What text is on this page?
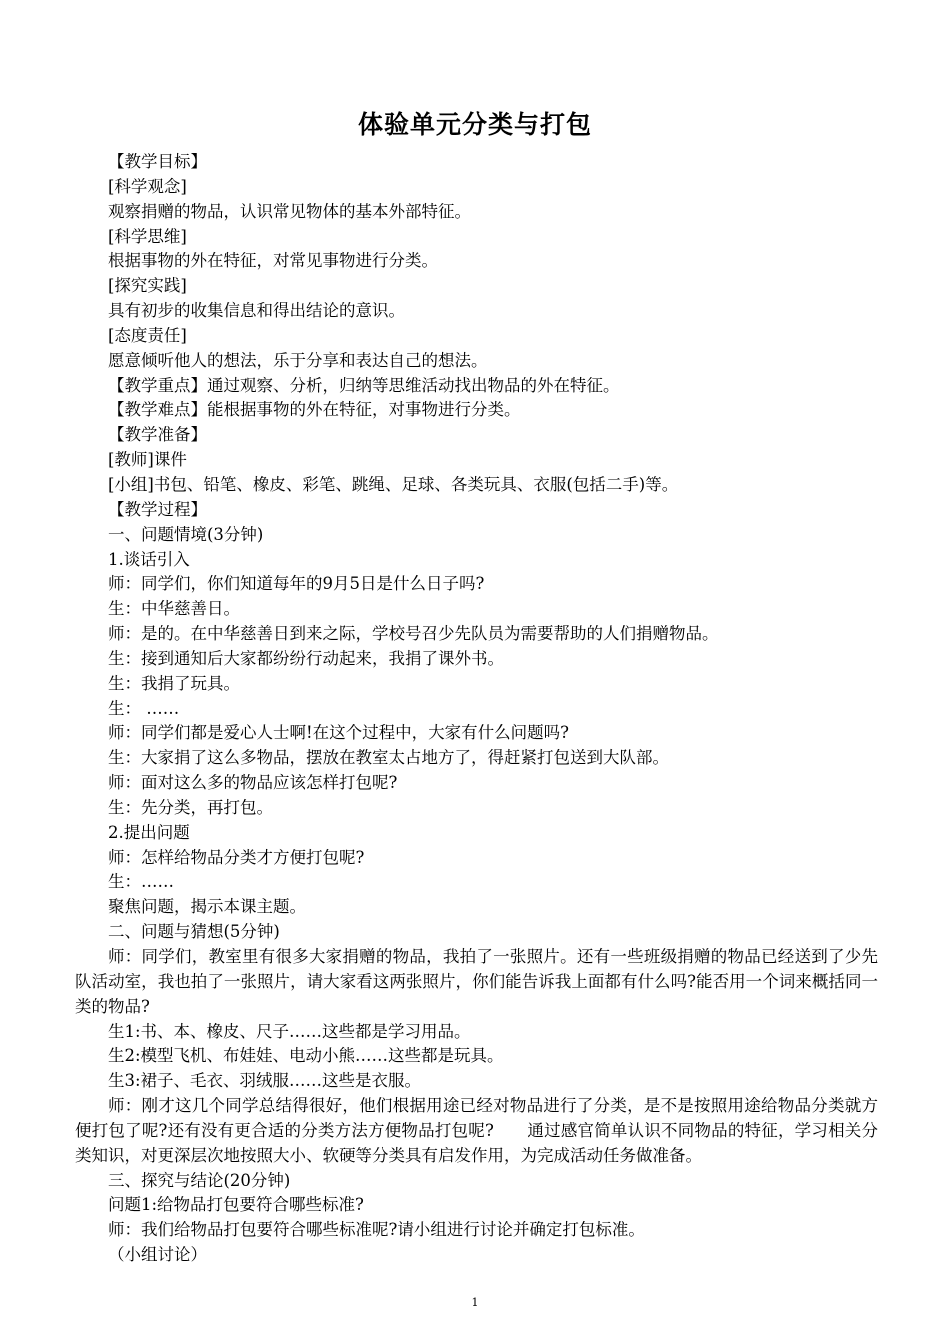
体验单元分类与打包
【教学目标】
[科学观念]
观察捐赠的物品，认识常见物体的基本外部特征。
[科学思维]
根据事物的外在特征，对常见事物进行分类。
[探究实践]
具有初步的收集信息和得出结论的意识。
[态度责任]
愿意倾听他人的想法，乐于分享和表达自己的想法。
【教学重点】通过观察、分析，归纳等思维活动找出物品的外在特征。
【教学难点】能根据事物的外在特征，对事物进行分类。
【教学准备】
[教师]课件
[小组]书包、铅笔、橡皮、彩笔、跳绳、足球、各类玩具、衣服(包括二手)等。
【教学过程】
一、问题情境(3分钟)
1.谈话引入
师：同学们，你们知道每年的9月5日是什么日子吗?
生：中华慈善日。
师：是的。在中华慈善日到来之际，学校号召少先队员为需要帮助的人们捐赠物品。
生：接到通知后大家都纷纷行动起来，我捐了课外书。
生：我捐了玩具。
生： ……
师：同学们都是爱心人士啊!在这个过程中，大家有什么问题吗?
生：大家捐了这么多物品，摆放在教室太占地方了，得赶紧打包送到大队部。
师：面对这么多的物品应该怎样打包呢?
生：先分类，再打包。
2.提出问题
师：怎样给物品分类才方便打包呢?
生：……
聚焦问题，揭示本课主题。
二、问题与猜想(5分钟)
师：同学们，教室里有很多大家捐赠的物品，我拍了一张照片。还有一些班级捐赠的物品已经送到了少先队活动室，我也拍了一张照片，请大家看这两张照片，你们能告诉我上面都有什么吗?能否用一个词来概括同一类的物品?
生1:书、本、橡皮、尺子……这些都是学习用品。
生2:模型飞机、布娃娃、电动小熊……这些都是玩具。
生3:裙子、毛衣、羽绒服……这些是衣服。
师：刚才这几个同学总结得很好，他们根据用途已经对物品进行了分类，是不是按照用途给物品分类就方便打包了呢?还有没有更合适的分类方法方便物品打包呢?　　通过感官简单认识不同物品的特征，学习相关分类知识，对更深层次地按照大小、软硬等分类具有启发作用，为完成活动任务做准备。
三、探究与结论(20分钟)
问题1:给物品打包要符合哪些标准?
师：我们给物品打包要符合哪些标准呢?请小组进行讨论并确定打包标准。
（小组讨论）
1
